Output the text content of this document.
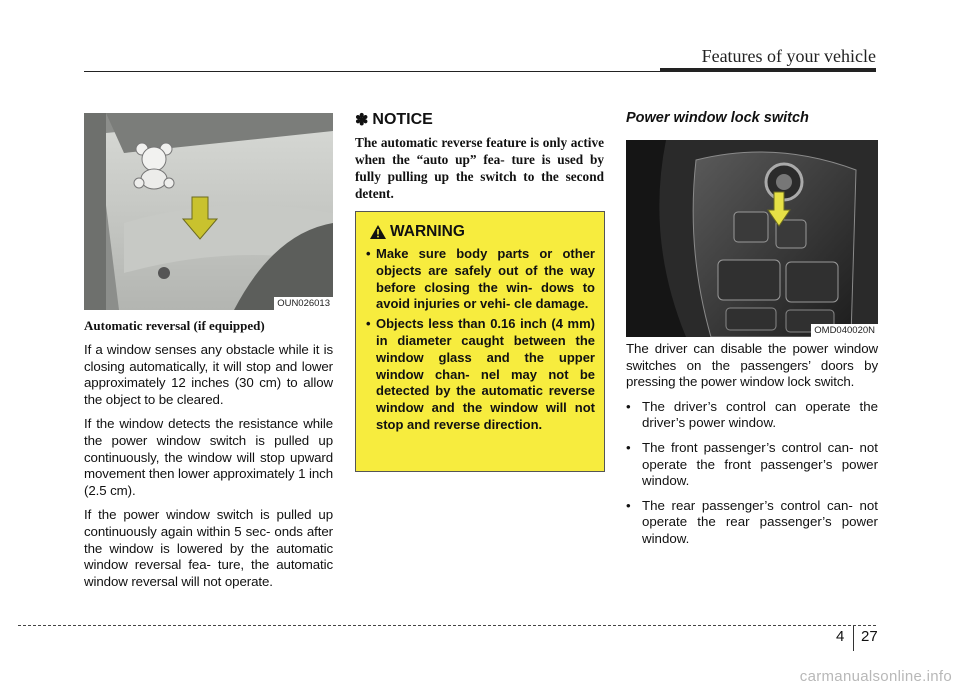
Features of your vehicle
OUN026013

Automatic reversal (if equipped)

If a window senses any obstacle while it is closing automatically, it will stop and lower approximately 12 inches (30 cm) to allow the object to be cleared.

If the window detects the resistance while the power window switch is pulled up continuously, the window will stop upward movement then lower approximately 1 inch (2.5 cm).

If the power window switch is pulled up continuously again within 5 sec- onds after the window is lowered by the automatic window reversal fea- ture, the automatic window reversal will not operate.

✽ NOTICE

The automatic reverse feature is only active when the “auto up” fea- ture is used by fully pulling up the switch to the second detent.

WARNING
• Make sure body parts or other objects are safely out of the way before closing the win- dows to avoid injuries or vehi- cle damage.
• Objects less than 0.16 inch (4 mm) in diameter caught between the window glass and the upper window chan- nel may not be detected by the automatic reverse window and the window will not stop and reverse direction.
Power window lock switch
OMD040020N

The driver can disable the power window switches on the passengers’ doors by pressing the power window lock switch.

• The driver’s control can operate the driver’s power window.
• The front passenger’s control can- not operate the front passenger’s power window.
• The rear passenger’s control can- not operate the rear passenger’s power window.
4 27
carmanualsonline.info
